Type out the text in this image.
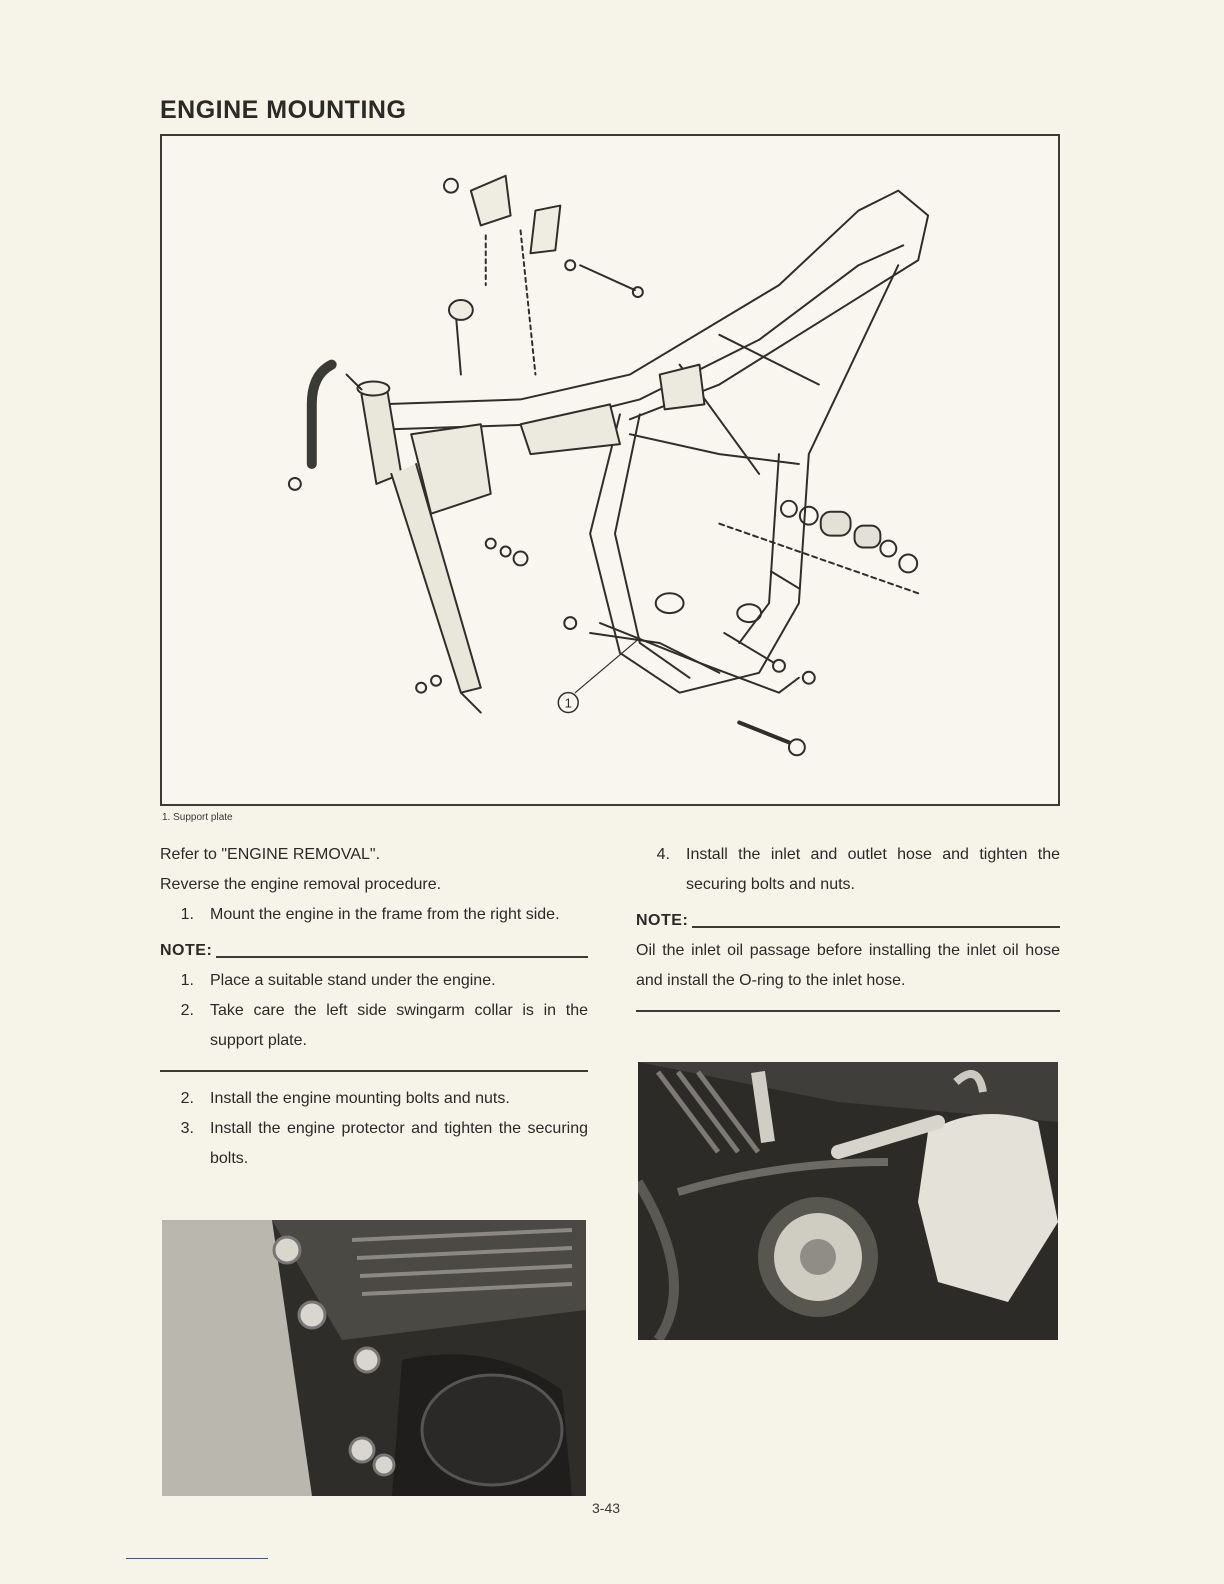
ENGINE MOUNTING
1
1. Support plate

Refer to "ENGINE REMOVAL".

Reverse the engine removal procedure.

1.	Mount the engine in the frame from the right side.
NOTE:
1.	Place a suitable stand under the engine.
2.	Take care the left side swingarm collar is in the support plate.
2.	Install the engine mounting bolts and nuts.
3.	Install the engine protector and tighten the securing bolts.
4.	Install the inlet and outlet hose and tighten the securing bolts and nuts.
NOTE:

Oil the inlet oil passage before installing the inlet oil hose and install the O-ring to the inlet hose.

3-43
